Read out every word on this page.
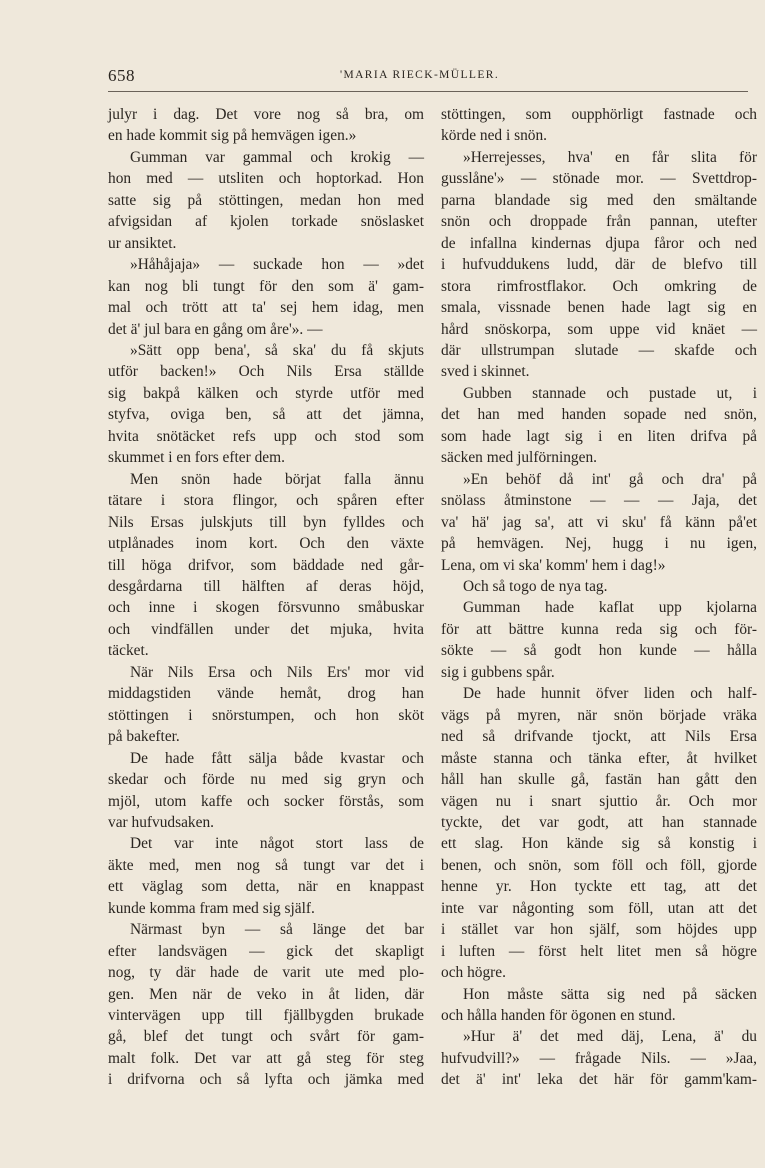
658	'MARIA RIECK-MÜLLER.
julyr i dag. Det vore nog så bra, om
en hade kommit sig på hemvägen igen.»
Gumman var gammal och krokig —
hon med — utsliten och hoptorkad. Hon
satte sig på stöttingen, medan hon med
afvigsidan af kjolen torkade snöslasket
ur ansiktet.
»Håhåjaja» — suckade hon — »det
kan nog bli tungt för den som ä' gam-
mal och trött att ta' sej hem idag, men
det ä' jul bara en gång om åre'». —
»Sätt opp bena', så ska' du få skjuts
utför backen!» Och Nils Ersa ställde
sig bakpå kälken och styrde utför med
styfva, oviga ben, så att det jämna,
hvita snötäcket refs upp och stod som
skummet i en fors efter dem.
Men snön hade börjat falla ännu
tätare i stora flingor, och spåren efter
Nils Ersas julskjuts till byn fylldes och
utplånades inom kort. Och den växte
till höga drifvor, som bäddade ned går-
desgårdarna till hälften af deras höjd,
och inne i skogen försvunno småbuskar
och vindfällen under det mjuka, hvita
täcket.
När Nils Ersa och Nils Ers' mor vid
middagstiden vände hemåt, drog han
stöttingen i snörstumpen, och hon sköt
på bakefter.
De hade fått sälja både kvastar och
skedar och förde nu med sig gryn och
mjöl, utom kaffe och socker förstås, som
var hufvudsaken.
Det var inte något stort lass de
äkte med, men nog så tungt var det i
ett väglag som detta, när en knappast
kunde komma fram med sig själf.
Närmast byn — så länge det bar
efter landsvägen — gick det skapligt
nog, ty där hade de varit ute med plo-
gen. Men när de veko in åt liden, där
vintervägen upp till fjällbygden brukade
gå, blef det tungt och svårt för gam-
malt folk. Det var att gå steg för steg
i drifvorna och så lyfta och jämka med
stöttingen, som oupphörligt fastnade och
körde ned i snön.
»Herrejesses, hva' en får slita för
gusslåne'» — stönade mor. — Svettdrop-
parna blandade sig med den smältande
snön och droppade från pannan, utefter
de infallna kindernas djupa fåror och ned
i hufvuddukens ludd, där de blefvo till
stora rimfrostflakor. Och omkring de
smala, vissnade benen hade lagt sig en
hård snöskorpa, som uppe vid knäet —
där ullstrumpan slutade — skafde och
sved i skinnet.
Gubben stannade och pustade ut, i
det han med handen sopade ned snön,
som hade lagt sig i en liten drifva på
säcken med julförningen.
»En behöf då int' gå och dra' på
snölass åtminstone — — — Jaja, det
va' hä' jag sa', att vi sku' få känn på'et
på hemvägen. Nej, hugg i nu igen,
Lena, om vi ska' komm' hem i dag!»
Och så togo de nya tag.
Gumman hade kaflat upp kjolarna
för att bättre kunna reda sig och för-
sökte — så godt hon kunde — hålla
sig i gubbens spår.
De hade hunnit öfver liden och half-
vägs på myren, när snön började vräka
ned så drifvande tjockt, att Nils Ersa
måste stanna och tänka efter, åt hvilket
håll han skulle gå, fastän han gått den
vägen nu i snart sjuttio år. Och mor
tyckte, det var godt, att han stannade
ett slag. Hon kände sig så konstig i
benen, och snön, som föll och föll, gjorde
henne yr. Hon tyckte ett tag, att det
inte var någonting som föll, utan att det
i stället var hon själf, som höjdes upp
i luften — först helt litet men så högre
och högre.
Hon måste sätta sig ned på säcken
och hålla handen för ögonen en stund.
»Hur ä' det med däj, Lena, ä' du
hufvudvill?» — frågade Nils. — »Jaa,
det ä' int' leka det här för gamm'kam-
